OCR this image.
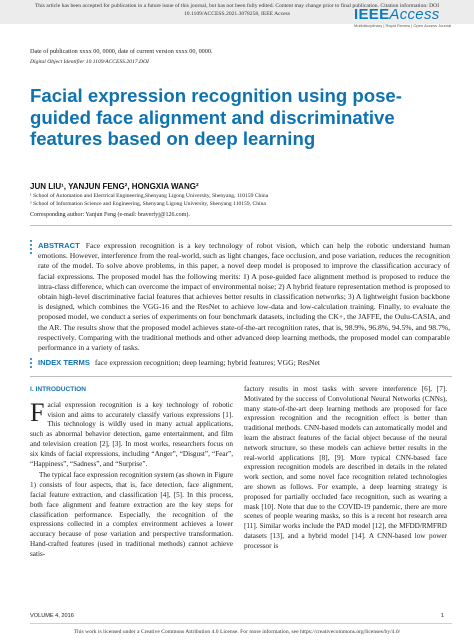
This article has been accepted for publication in a future issue of this journal, but has not been fully edited. Content may change prior to final publication. Citation information: DOI
10.1109/ACCESS.2021.3078258, IEEE Access	IEEEAccess
Multidisciplinary | Rapid Review | Open Access Journal
Date of publication xxxx 00, 0000, date of current version xxxx 00, 0000.
Digital Object Identifier 10.1109/ACCESS.2017.DOI
Facial expression recognition using pose-guided face alignment and discriminative features based on deep learning
JUN LIU¹, YANJUN FENG², HONGXIA WANG²
¹ School of Automation and Electrical Engineering,Shenyang Ligong University, Shenyang, 110159 China
² School of Information Science and Engineering, Shenyang Ligong University, Shenyang 110159, China
Corresponding author: Yanjun Feng (e-mail: braverfyj@126.com).
ABSTRACT Face expression recognition is a key technology of robot vision, which can help the robotic understand human emotions. However, interference from the real-world, such as light changes, face occlusion, and pose variation, reduces the recognition rate of the model. To solve above problems, in this paper, a novel deep model is proposed to improve the classification accuracy of facial expressions. The proposed model has the following merits: 1) A pose-guided face alignment method is proposed to reduce the intra-class difference, which can overcome the impact of environmental noise; 2) A hybrid feature representation method is proposed to obtain high-level discriminative facial features that achieves better results in classification networks; 3) A lightweight fusion backbone is designed, which combines the VGG-16 and the ResNet to achieve low-data and low-calculation training. Finally, to evaluate the proposed model, we conduct a series of experiments on four benchmark datasets, including the CK+, the JAFFE, the Oulu-CASIA, and the AR. The results show that the proposed model achieves state-of-the-art recognition rates, that is, 98.9%, 96.8%, 94.5%, and 98.7%, respectively. Comparing with the traditional methods and other advanced deep learning methods, the proposed model can comparable performance in a variety of tasks.
INDEX TERMS face expression recognition; deep learning; hybrid features; VGG; ResNet
I. INTRODUCTION

Facial expression recognition is a key technology of robotic vision and aims to accurately classify various expressions [1]. This technology is wildly used in many actual applications, such as abnormal behavior detection, game entertainment, and film and television creation [2], [3]. In most works, researchers focus on six kinds of facial expressions, including “Anger”, “Disgust”, “Fear”, “Happiness”, “Sadness”, and “Surprise”.

The typical face expression recognition system (as shown in Figure 1) consists of four aspects, that is, face detection, face alignment, facial feature extraction, and classification [4], [5]. In this process, both face alignment and feature extraction are the key steps for classification performance. Especially, the recognition of the expressions collected in a complex environment achieves a lower accuracy because of pose variation and perspective transformation. Hand-crafted features (used in traditional methods) cannot achieve satis-

factory results in most tasks with severe interference [6], [7]. Motivated by the success of Convolutional Neural Networks (CNNs), many state-of-the-art deep learning methods are proposed for face expression recognition and the recognition effect is better than traditional methods. CNN-based models can automatically model and learn the abstract features of the facial object because of the neural network structure, so these models can achieve better results in the real-world applications [8], [9]. More typical CNN-based face expression recognition models are described in details in the related work section, and some novel face recognition related technologies are shown as follows. For example, a deep learning strategy is proposed for partially occluded face recognition, such as wearing a mask [10]. Note that due to the COVID-19 pandemic, there are more scenes of people wearing masks, so this is a recent hot research area [11]. Similar works include the PAD model [12], the MFDD/RMFRD datasets [13], and a hybrid model [14]. A CNN-based low power processor is

VOLUME 4, 2016	1
This work is licensed under a Creative Commons Attribution 4.0 License. For more information, see https://creativecommons.org/licenses/by/4.0/
